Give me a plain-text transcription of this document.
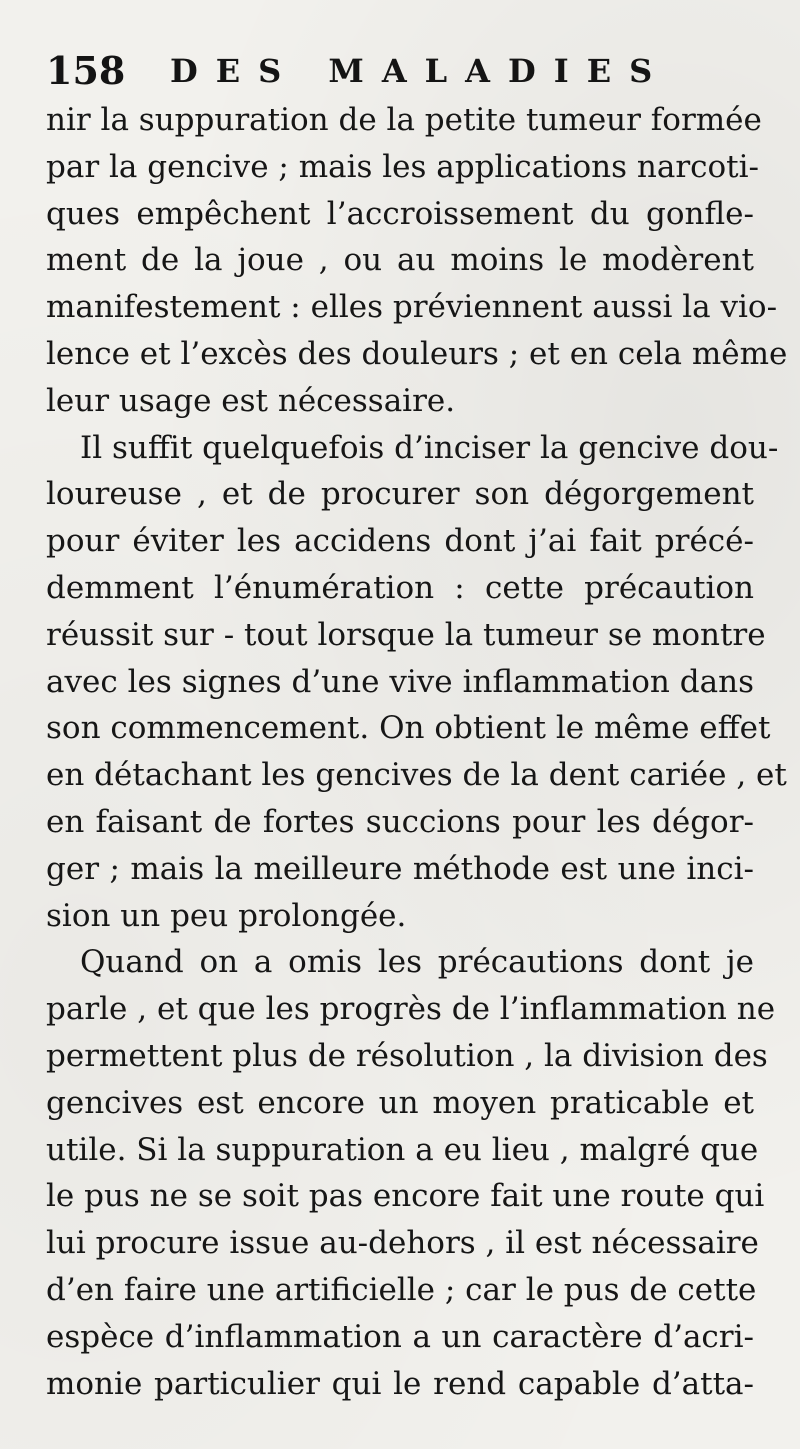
158 DES MALADIES
nir la suppuration de la petite tumeur formée
par la gencive ; mais les applications narcoti-
ques empêchent l’accroissement du gonfle-
ment de la joue , ou au moins le modèrent
manifestement : elles préviennent aussi la vio-
lence et l’excès des douleurs ; et en cela même
leur usage est nécessaire.
Il suffit quelquefois d’inciser la gencive dou-
loureuse , et de procurer son dégorgement
pour éviter les accidens dont j’ai fait précé-
demment l’énumération : cette précaution
réussit sur - tout lorsque la tumeur se montre
avec les signes d’une vive inflammation dans
son commencement. On obtient le même effet
en détachant les gencives de la dent cariée , et
en faisant de fortes succions pour les dégor-
ger ; mais la meilleure méthode est une inci-
sion un peu prolongée.
Quand on a omis les précautions dont je
parle , et que les progrès de l’inflammation ne
permettent plus de résolution , la division des
gencives est encore un moyen praticable et
utile. Si la suppuration a eu lieu , malgré que
le pus ne se soit pas encore fait une route qui
lui procure issue au-dehors , il est nécessaire
d’en faire une artificielle ; car le pus de cette
espèce d’inflammation a un caractère d’acri-
monie particulier qui le rend capable d’atta-
